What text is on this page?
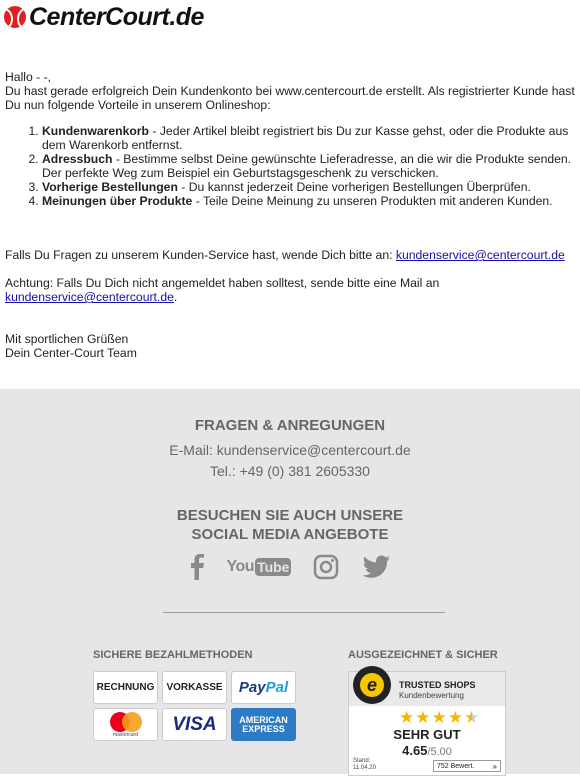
CenterCourt.de

Hallo - -,

Du hast gerade erfolgreich Dein Kundenkonto bei www.centercourt.de erstellt. Als registrierter Kunde hast Du nun folgende Vorteile in unserem Onlineshop:

1. Kundenwarenkorb - Jeder Artikel bleibt registriert bis Du zur Kasse gehst, oder die Produkte aus dem Warenkorb entfernst.
2. Adressbuch - Bestimme selbst Deine gewünschte Lieferadresse, an die wir die Produkte senden. Der perfekte Weg zum Beispiel ein Geburtstagsgeschenk zu verschicken.
3. Vorherige Bestellungen - Du kannst jederzeit Deine vorherigen Bestellungen Überprüfen.
4. Meinungen über Produkte - Teile Deine Meinung zu unseren Produkten mit anderen Kunden.

Falls Du Fragen zu unserem Kunden-Service hast, wende Dich bitte an: kundenservice@centercourt.de

Achtung: Falls Du Dich nicht angemeldet haben solltest, sende bitte eine Mail an kundenservice@centercourt.de.

Mit sportlichen Grüßen

Dein Center-Court Team

FRAGEN & ANREGUNGEN
E-Mail: kundenservice@centercourt.de
Tel.: +49 (0) 381 2605330
BESUCHEN SIE AUCH UNSERE
SOCIAL MEDIA ANGEBOTE
You Tube
SICHERE BEZAHLMETHODEN	AUSGEZEICHNET & SICHER
RECHNUNG	VORKASSE Pay Pal
mastercard	VISA	AMERICAN
EXPRESS
e	TRUSTED SHOPS
Kundenbewertung
★★★★★
SEHR GUT
4.65/5.00
Stand:
11.04.20	752 Bewert. »
